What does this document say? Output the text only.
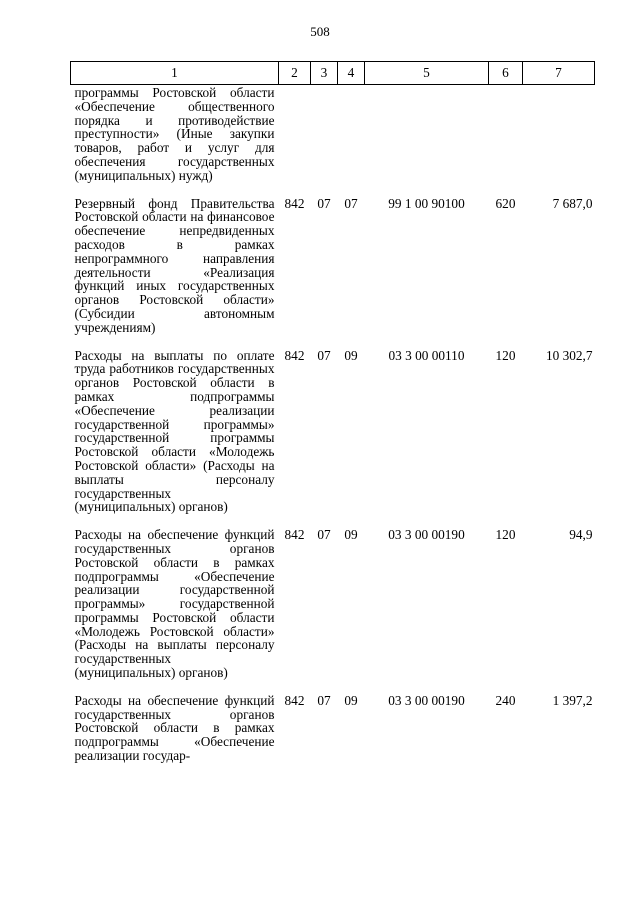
508
1	2	3	4	5	6	7
программы Ростовской области «Обеспечение общественного порядка и противодействие преступности» (Иные закупки товаров, работ и услуг для обеспечения государственных (муниципальных) нужд)						
Резервный фонд Правительства Ростовской области на финансовое обеспечение непредвиденных расходов в рамках непрограммного направления деятельности «Реализация функций иных государственных органов Ростовской области» (Субсидии автономным учреждениям)	842	07	07	99 1 00 90100	620	7 687,0
Расходы на выплаты по оплате труда работников государственных органов Ростовской области в рамках подпрограммы «Обеспечение реализации государственной программы» государственной программы Ростовской области «Молодежь Ростовской области» (Расходы на выплаты персоналу государственных (муниципальных) органов)	842	07	09	03 3 00 00110	120	10 302,7
Расходы на обеспечение функций государственных органов Ростовской области в рамках подпрограммы «Обеспечение реализации государственной программы» государственной программы Ростовской области «Молодежь Ростовской области» (Расходы на выплаты персоналу государственных (муниципальных) органов)	842	07	09	03 3 00 00190	120	94,9
Расходы на обеспечение функций государственных органов Ростовской области в рамках подпрограммы «Обеспечение реализации государ-	842	07	09	03 3 00 00190	240	1 397,2
